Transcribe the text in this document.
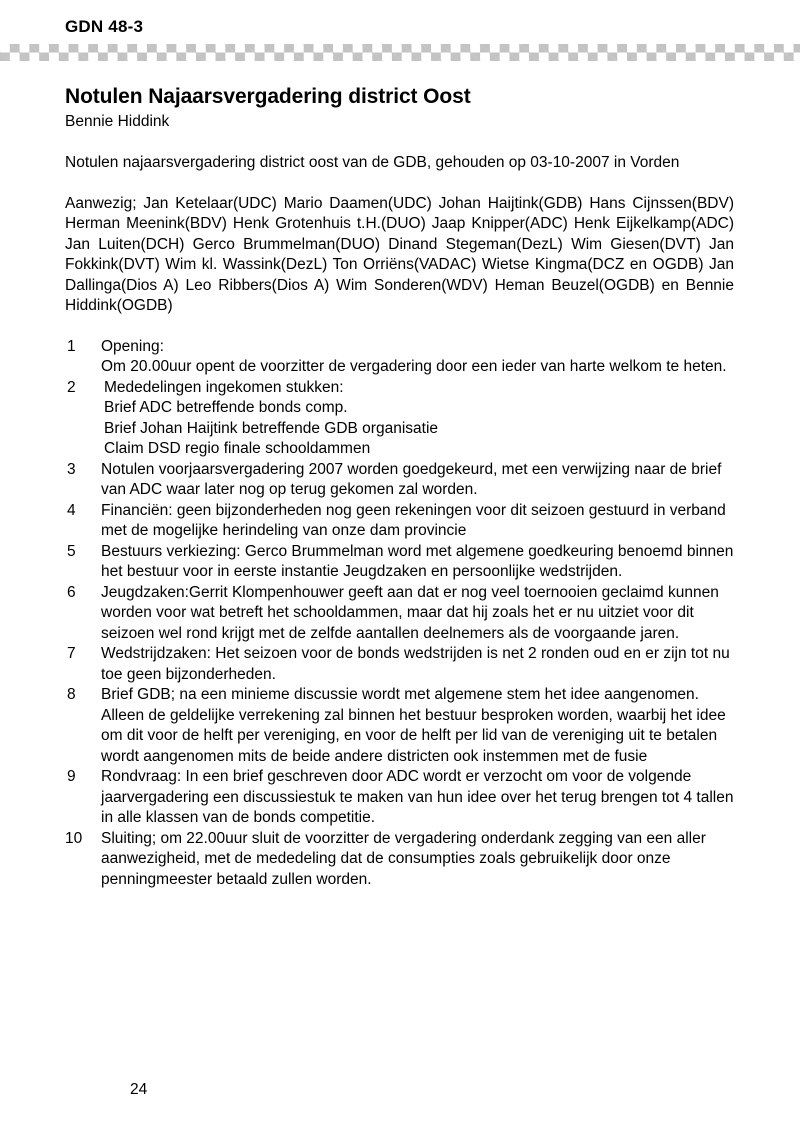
GDN 48-3
Notulen Najaarsvergadering district Oost
Bennie Hiddink

Notulen najaarsvergadering district oost van de GDB, gehouden op 03-10-2007 in Vorden

Aanwezig; Jan Ketelaar(UDC) Mario Daamen(UDC) Johan Haijtink(GDB) Hans Cijnssen(BDV) Herman Meenink(BDV) Henk Grotenhuis t.H.(DUO) Jaap Knipper(ADC) Henk Eijkelkamp(ADC) Jan Luiten(DCH) Gerco Brummelman(DUO) Dinand Stegeman(DezL) Wim Giesen(DVT) Jan Fokkink(DVT) Wim kl. Wassink(DezL) Ton Orriëns(VADAC) Wietse Kingma(DCZ en OGDB) Jan Dallinga(Dios A) Leo Ribbers(Dios A) Wim Sonderen(WDV) Heman Beuzel(OGDB) en Bennie Hiddink(OGDB)

1	Opening:
Om 20.00uur opent de voorzitter de vergadering door een ieder van harte welkom te heten.
2	Mededelingen ingekomen stukken:
Brief ADC betreffende bonds comp.
Brief Johan Haijtink betreffende GDB organisatie
Claim DSD regio finale schooldammen
3	Notulen voorjaarsvergadering 2007 worden goedgekeurd, met een verwijzing naar de brief van ADC waar later nog op terug gekomen zal worden.
4	Financiën: geen bijzonderheden nog geen rekeningen voor dit seizoen gestuurd in verband met de mogelijke herindeling van onze dam provincie
5	Bestuurs verkiezing: Gerco Brummelman word met algemene goedkeuring benoemd binnen het bestuur voor in eerste instantie Jeugdzaken en persoonlijke wedstrijden.
6	Jeugdzaken:Gerrit Klompenhouwer geeft aan dat er nog veel toernooien geclaimd kunnen worden voor wat betreft het schooldammen, maar dat hij zoals het er nu uitziet voor dit seizoen wel rond krijgt met de zelfde aantallen deelnemers als de voorgaande jaren.
7	Wedstrijdzaken: Het seizoen voor de bonds wedstrijden is net 2 ronden oud en er zijn tot nu toe geen bijzonderheden.
8	Brief GDB; na een minieme discussie wordt met algemene stem het idee aangenomen.
Alleen de geldelijke verrekening zal binnen het bestuur besproken worden, waarbij het idee om dit voor de helft per vereniging, en voor de helft per lid van de vereniging uit te betalen wordt aangenomen mits de beide andere districten ook instemmen met de fusie
9	Rondvraag: In een brief geschreven door ADC wordt er verzocht om voor de volgende jaarvergadering een discussiestuk te maken van hun idee over het terug brengen tot 4 tallen in alle klassen van de bonds competitie.
10	Sluiting; om 22.00uur sluit de voorzitter de vergadering onderdank zegging van een aller aanwezigheid, met de mededeling dat de consumpties zoals gebruikelijk door onze penningmeester betaald zullen worden.
24
